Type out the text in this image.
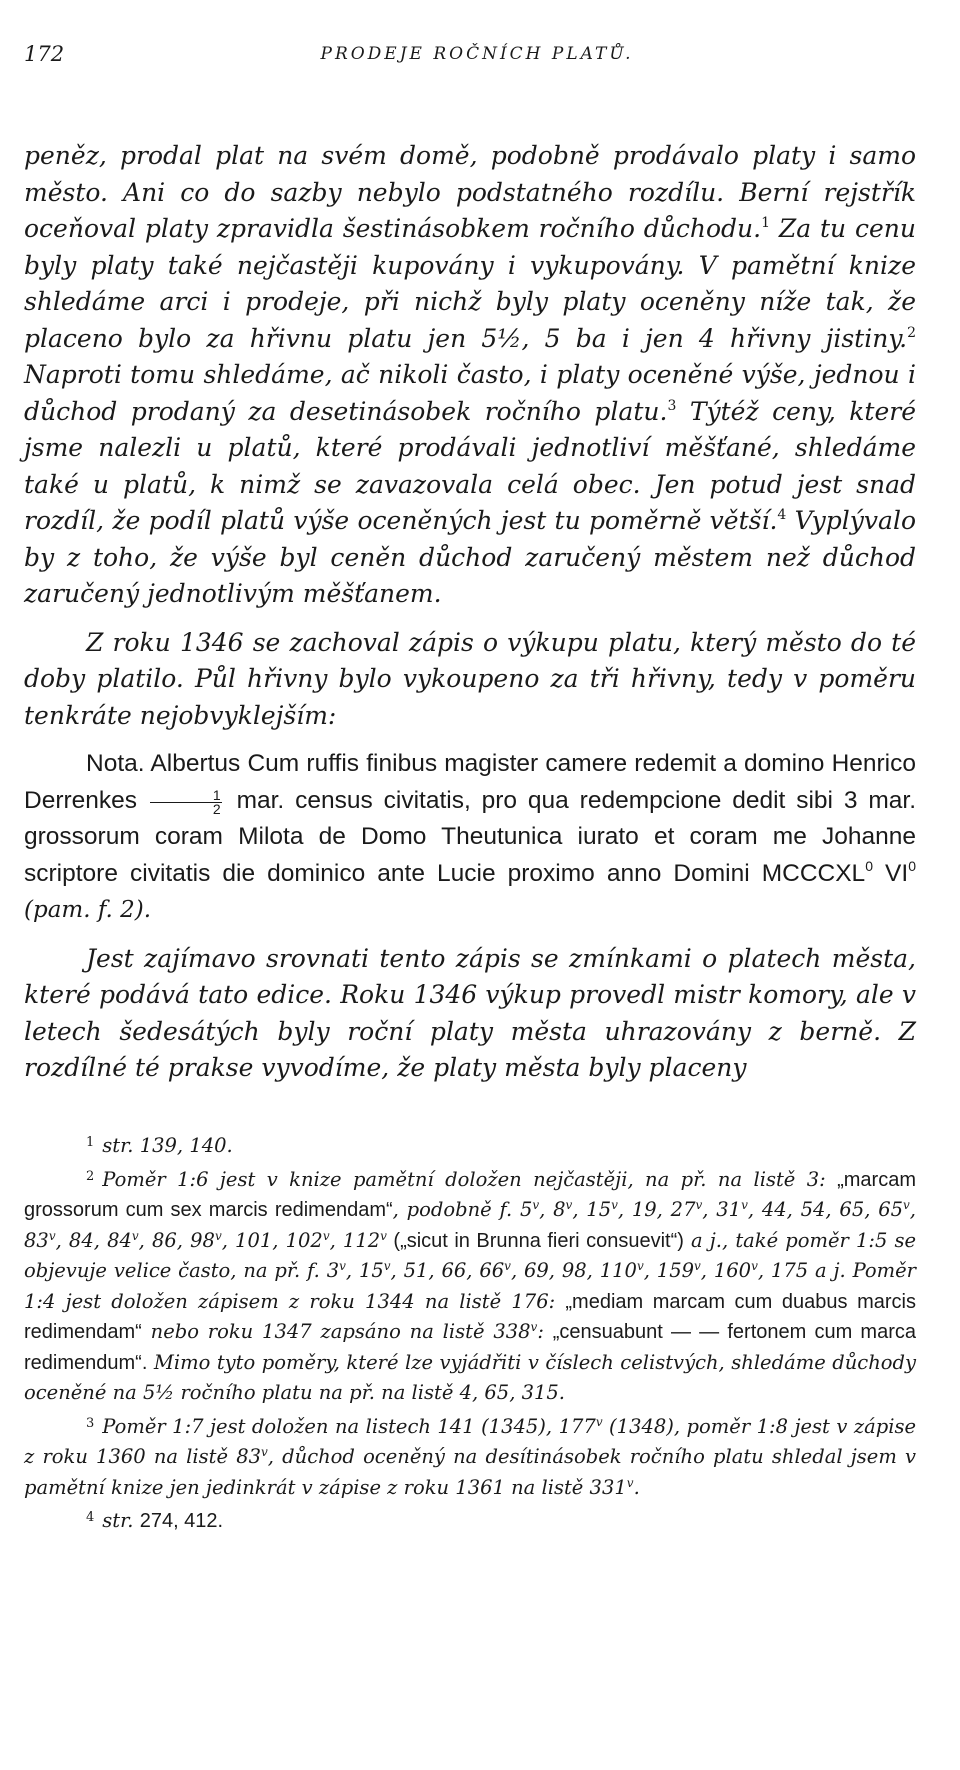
172	PRODEJE ROČNÍCH PLATŮ.

peněz, prodal plat na svém domě, podobně prodávalo platy i samo město. Ani co do sazby nebylo podstatného rozdílu. Berní rejstřík oceňoval platy zpravidla šestinásobkem ročního důchodu.$^1$ Za tu cenu byly platy také nejčastěji kupovány i vykupovány. V pamětní knize shledáme arci i prodeje, při nichž byly platy oceněny níže tak, že placeno bylo za hřivnu platu jen 5½, 5 ba i jen 4 hřivny jistiny.$^2$ Naproti tomu shledáme, ač nikoli často, i platy oceněné výše, jednou i důchod prodaný za desetinásobek ročního platu.$^3$ Týtéž ceny, které jsme nalezli u platů, které prodávali jednotliví měšťané, shledáme také u platů, k nimž se zavazovala celá obec. Jen potud jest snad rozdíl, že podíl platů výše oceněných jest tu poměrně větší.$^4$ Vyplývalo by z toho, že výše byl ceněn důchod zaručený městem než důchod zaručený jednotlivým měšťanem.

Z roku 1346 se zachoval zápis o výkupu platu, který město do té doby platilo. Půl hřivny bylo vykoupeno za tři hřivny, tedy v poměru tenkráte nejobvyklejším:

Nota. Albertus Cum ruffis finibus magister camere redemit a domino Henrico Derrenkes $\frac{1}{2}$ mar. census civitatis, pro qua redempcione dedit sibi 3 mar. grossorum coram Milota de Domo Theutunica iurato et coram me Johanne scriptore civitatis die dominico ante Lucie proximo anno Domini MCCCXL$^0$ $VI^0$ (pam. f. 2).

Jest zajímavo srovnati tento zápis se zmínkami o platech města, které podává tato edice. Roku 1346 výkup provedl mistr komory, ale v letech šedesátých byly roční platy města uhrazovány z berně. Z rozdílné té prakse vyvodíme, že platy města byly placeny

$^1$ str. 139, 140.

$^2$ Poměr 1:6 jest v knize pamětní doložen nejčastěji, na př. na listě 3: „marcam grossorum cum sex marcis redimendam“, podobně f. 5$^v$, 8$^v$, 15$^v$, 19, 27$^v$, 31$^v$, 44, 54, 65, 65$^v$, 83$^v$, 84, 84$^v$, 86, 98$^v$, 101, 102$^v$, 112$^v$ („sicut in Brunna fieri consuevit“) a j., také poměr 1:5 se objevuje velice často, na př. f. 3$^v$, 15$^v$, 51, 66, 66$^v$, 69, 98, 110$^v$, 159$^v$, 160$^v$, 175 a j. Poměr 1:4 jest doložen zápisem z roku 1344 na listě 176: „mediam marcam cum duabus marcis redimendam“ nebo roku 1347 zapsáno na listě 338$^v$: „censuabunt — — fertonem cum marca redimendum“. Mimo tyto poměry, které lze vyjádřiti v číslech celistvých, shledáme důchody oceněné na 5½ ročního platu na př. na listě 4, 65, 315.

$^3$ Poměr 1:7 jest doložen na listech 141 (1345), 177$^v$ (1348), poměr 1:8 jest v zápise z roku 1360 na listě 83$^v$, důchod oceněný na desítinásobek ročního platu shledal jsem v pamětní knize jen jedinkrát v zápise z roku 1361 na listě 331$^v$.

$^4$ str. 274, 412.
